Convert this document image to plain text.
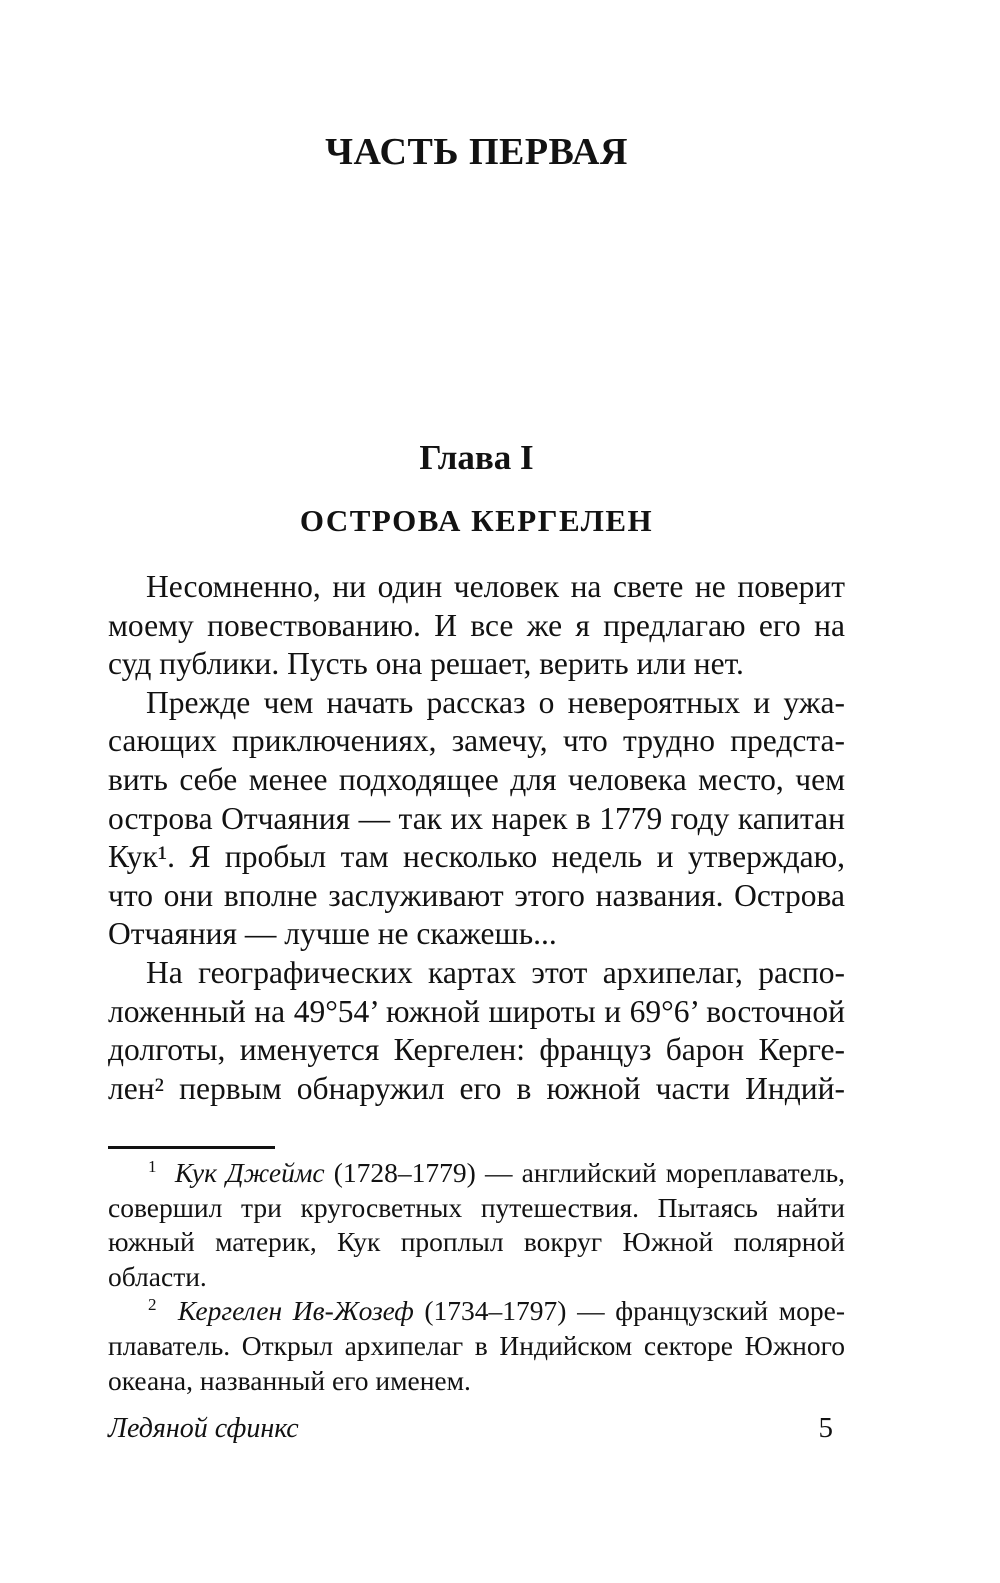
ЧАСТЬ ПЕРВАЯ
Глава I
ОСТРОВА КЕРГЕЛЕН

Несомненно, ни один человек на свете не поверит
моему повествованию. И все же я предлагаю его на
суд публики. Пусть она решает, верить или нет.

Прежде чем начать рассказ о невероятных и ужа-
сающих приключениях, замечу, что трудно предста-
вить себе менее подходящее для человека место, чем
острова Отчаяния — так их нарек в 1779 году капитан
Кук¹. Я пробыл там несколько недель и утверждаю,
что они вполне заслуживают этого названия. Острова
Отчаяния — лучше не скажешь...

На географических картах этот архипелаг, распо-
ложенный на 49°54’ южной широты и 69°6’ восточной
долготы, именуется Кергелен: француз барон Керге-
лен² первым обнаружил его в южной части Индий-

$^1$ Кук Джеймс (1728–1779) — английский мореплаватель,
совершил три кругосветных путешествия. Пытаясь найти
южный материк, Кук проплыл вокруг Южной полярной
области.
$^2$ Кергелен Ив-Жозеф (1734–1797) — французский море-
плаватель. Открыл архипелаг в Индийском секторе Южного
океана, названный его именем.
Ледяной сфинкс	5
